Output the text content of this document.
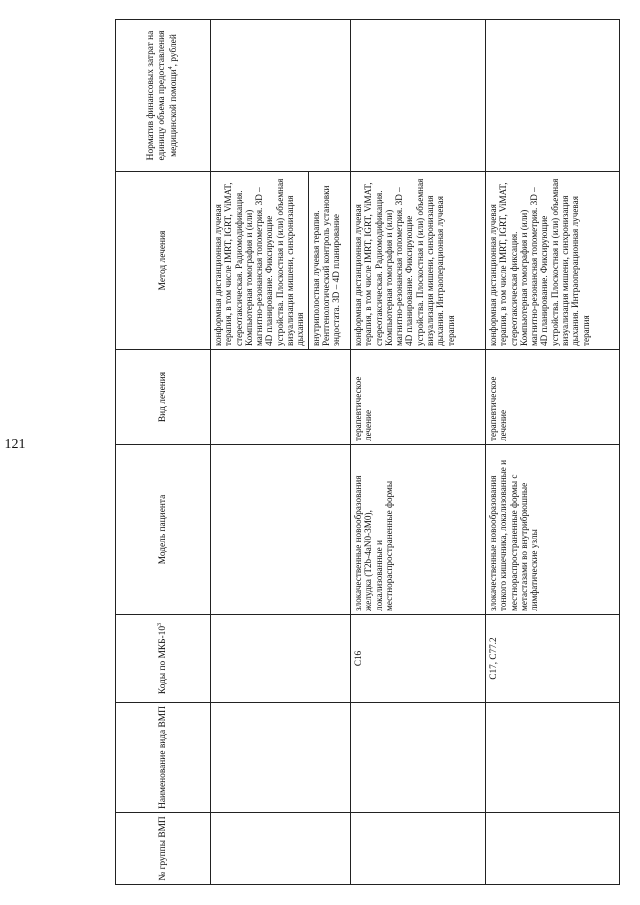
121
№ группы ВМП	Наименование вида ВМП	Коды по МКБ-$10^3$	Модель пациента	Вид лечения	Метод лечения	Норматив финансовых затрат на единицу объема предоставления медицинской помощи$^4$, рублей

					конформная дистанционная лучевая терапия, в том числе IMRT, IGRT, ViMAT, стереотаксическая. Радиомодификация. Компьютерная томография и (или) магнитно-резонансная топометрия. 3D – 4D планирование. Фиксирующие устройства. Плоскостная и (или) объемная визуализация мишени, синхронизация дыхания внутриполостная лучевая терапия. Рентгенологический контроль установки эндостата. 3D – 4D планирование	

		C16	злокачественные новообразования желудка (T2b-4aN0-3M0), локализованные и местнораспространенные формы	терапевтическое лечение	конформная дистанционная лучевая терапия, в том числе IMRT, IGRT, ViMAT, стереотаксическая. Радиомодификация. Компьютерная томография и (или) магнитно-резонансная топометрия. 3D – 4D планирование. Фиксирующие устройства. Плоскостная и (или) объемная визуализация мишени, синхронизация дыхания. Интраоперационная лучевая терапия	
		C17, C77.2	злокачественные новообразования тонкого кишечника, локализованные и местнораспространенные формы с метастазами во внутрибрюшные лимфатические узлы	терапевтическое лечение	конформная дистанционная лучевая терапия, в том числе IMRT, IGRT, ViMAT, стереотаксическая фиксация. Компьютерная томография и (или) магнитно-резонансная топометрия. 3D – 4D планирование. Фиксирующие устройства. Плоскостная и (или) объемная визуализация мишени, синхронизация дыхания. Интраоперационная лучевая терапия	
